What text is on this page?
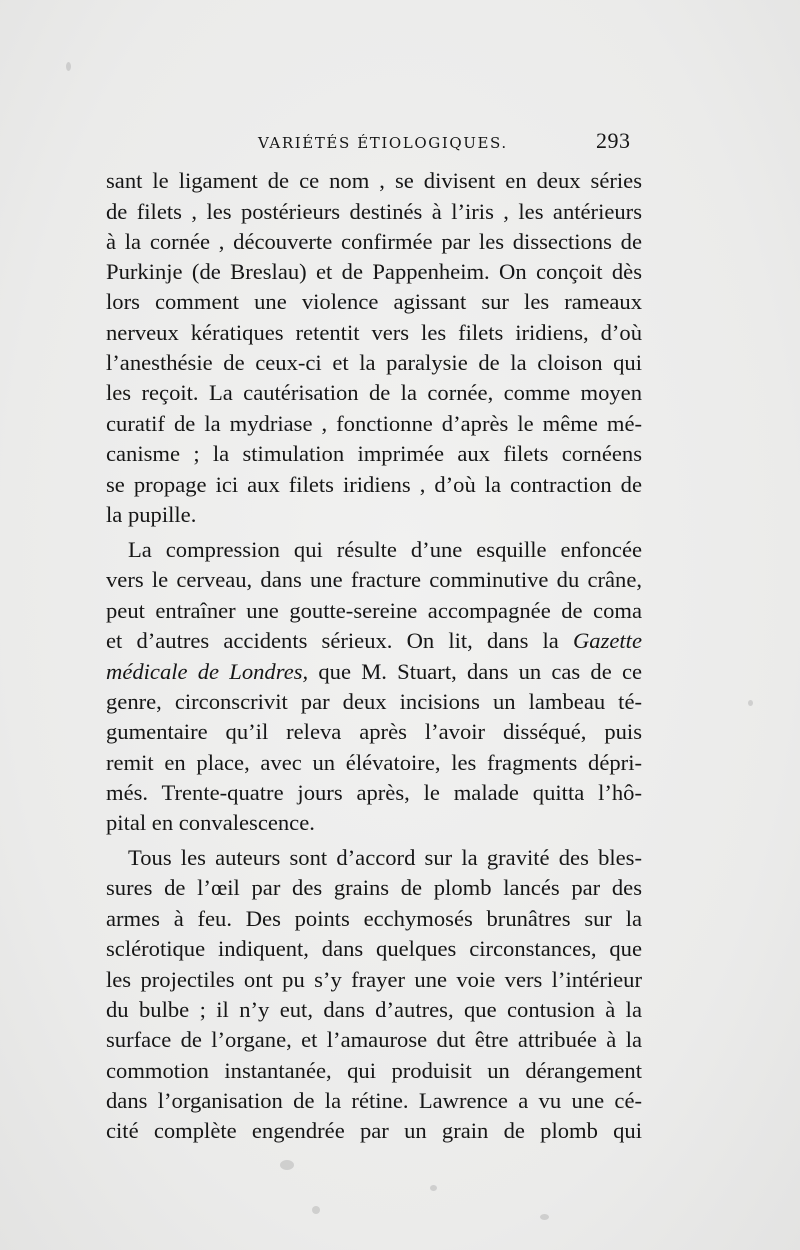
VARIÉTÉS ÉTIOLOGIQUES.	293
sant le ligament de ce nom , se divisent en deux séries
de filets , les postérieurs destinés à l’iris , les antérieurs
à la cornée , découverte confirmée par les dissections de
Purkinje (de Breslau) et de Pappenheim. On conçoit dès
lors comment une violence agissant sur les rameaux
nerveux kératiques retentit vers les filets iridiens, d’où
l’anesthésie de ceux-ci et la paralysie de la cloison qui
les reçoit. La cautérisation de la cornée, comme moyen
curatif de la mydriase , fonctionne d’après le même mé-
canisme ; la stimulation imprimée aux filets cornéens
se propage ici aux filets iridiens , d’où la contraction de
la pupille.
La compression qui résulte d’une esquille enfoncée
vers le cerveau, dans une fracture comminutive du crâne,
peut entraîner une goutte-sereine accompagnée de coma
et d’autres accidents sérieux. On lit, dans la Gazette
médicale de Londres, que M. Stuart, dans un cas de ce
genre, circonscrivit par deux incisions un lambeau té-
gumentaire qu’il releva après l’avoir disséqué, puis
remit en place, avec un élévatoire, les fragments dépri-
més. Trente-quatre jours après, le malade quitta l’hô-
pital en convalescence.
Tous les auteurs sont d’accord sur la gravité des bles-
sures de l’œil par des grains de plomb lancés par des
armes à feu. Des points ecchymosés brunâtres sur la
sclérotique indiquent, dans quelques circonstances, que
les projectiles ont pu s’y frayer une voie vers l’intérieur
du bulbe ; il n’y eut, dans d’autres, que contusion à la
surface de l’organe, et l’amaurose dut être attribuée à la
commotion instantanée, qui produisit un dérangement
dans l’organisation de la rétine. Lawrence a vu une cé-
cité complète engendrée par un grain de plomb qui
